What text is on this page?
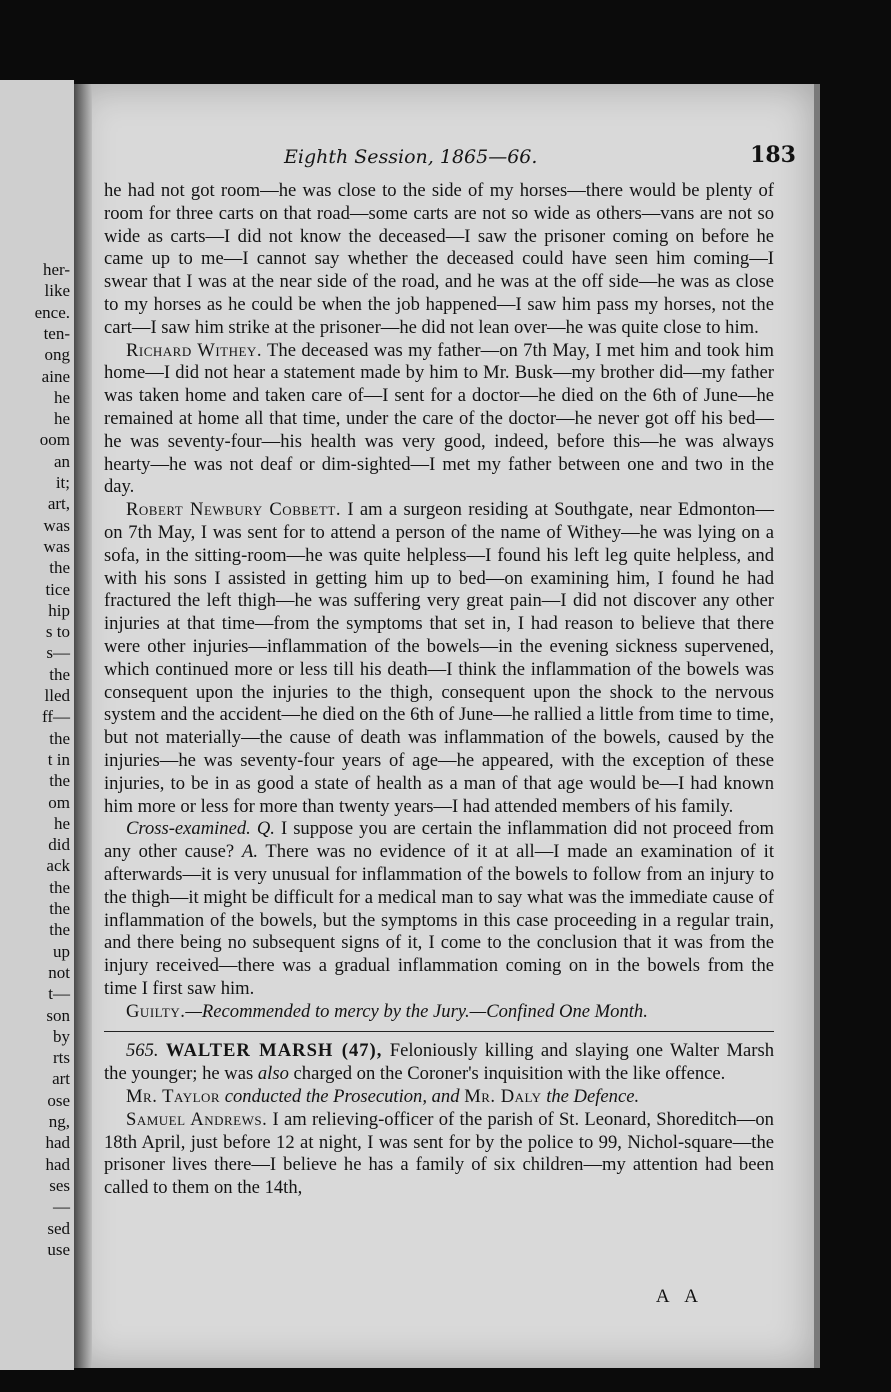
her-
like
ence.
ten-
ong
aine
he
he
oom
an
it;
art,
was
was
the
tice
hip
s to
s—
the
lled
ff—
the
t in
the
om
he
did
ack
the
the
the
up
not
t—
son
by
rts
art
ose
ng,
had
had
ses
—
sed
use
Eighth Session, 1865—66.	183

he had not got room—he was close to the side of my horses—there would be plenty of room for three carts on that road—some carts are not so wide as others—vans are not so wide as carts—I did not know the deceased—I saw the prisoner coming on before he came up to me—I cannot say whether the deceased could have seen him coming—I swear that I was at the near side of the road, and he was at the off side—he was as close to my horses as he could be when the job happened—I saw him pass my horses, not the cart—I saw him strike at the prisoner—he did not lean over—he was quite close to him.

Richard Withey. The deceased was my father—on 7th May, I met him and took him home—I did not hear a statement made by him to Mr. Busk—my brother did—my father was taken home and taken care of—I sent for a doctor—he died on the 6th of June—he remained at home all that time, under the care of the doctor—he never got off his bed—he was seventy-four—his health was very good, indeed, before this—he was always hearty—he was not deaf or dim-sighted—I met my father between one and two in the day.

Robert Newbury Cobbett. I am a surgeon residing at Southgate, near Edmonton—on 7th May, I was sent for to attend a person of the name of Withey—he was lying on a sofa, in the sitting-room—he was quite helpless—I found his left leg quite helpless, and with his sons I assisted in getting him up to bed—on examining him, I found he had fractured the left thigh—he was suffering very great pain—I did not discover any other injuries at that time—from the symptoms that set in, I had reason to believe that there were other injuries—inflammation of the bowels—in the evening sickness supervened, which continued more or less till his death—I think the inflammation of the bowels was consequent upon the injuries to the thigh, consequent upon the shock to the nervous system and the accident—he died on the 6th of June—he rallied a little from time to time, but not materially—the cause of death was inflammation of the bowels, caused by the injuries—he was seventy-four years of age—he appeared, with the exception of these injuries, to be in as good a state of health as a man of that age would be—I had known him more or less for more than twenty years—I had attended members of his family.

Cross-examined. Q. I suppose you are certain the inflammation did not proceed from any other cause? A. There was no evidence of it at all—I made an examination of it afterwards—it is very unusual for inflammation of the bowels to follow from an injury to the thigh—it might be difficult for a medical man to say what was the immediate cause of inflammation of the bowels, but the symptoms in this case proceeding in a regular train, and there being no subsequent signs of it, I come to the conclusion that it was from the injury received—there was a gradual inflammation coming on in the bowels from the time I first saw him.

Guilty.—Recommended to mercy by the Jury.—Confined One Month.

565. WALTER MARSH (47), Feloniously killing and slaying one Walter Marsh the younger; he was also charged on the Coroner's inquisition with the like offence.

Mr. Taylor conducted the Prosecution, and Mr. Daly the Defence.

Samuel Andrews. I am relieving-officer of the parish of St. Leonard, Shoreditch—on 18th April, just before 12 at night, I was sent for by the police to 99, Nichol-square—the prisoner lives there—I believe he has a family of six children—my attention had been called to them on the 14th,

A A
